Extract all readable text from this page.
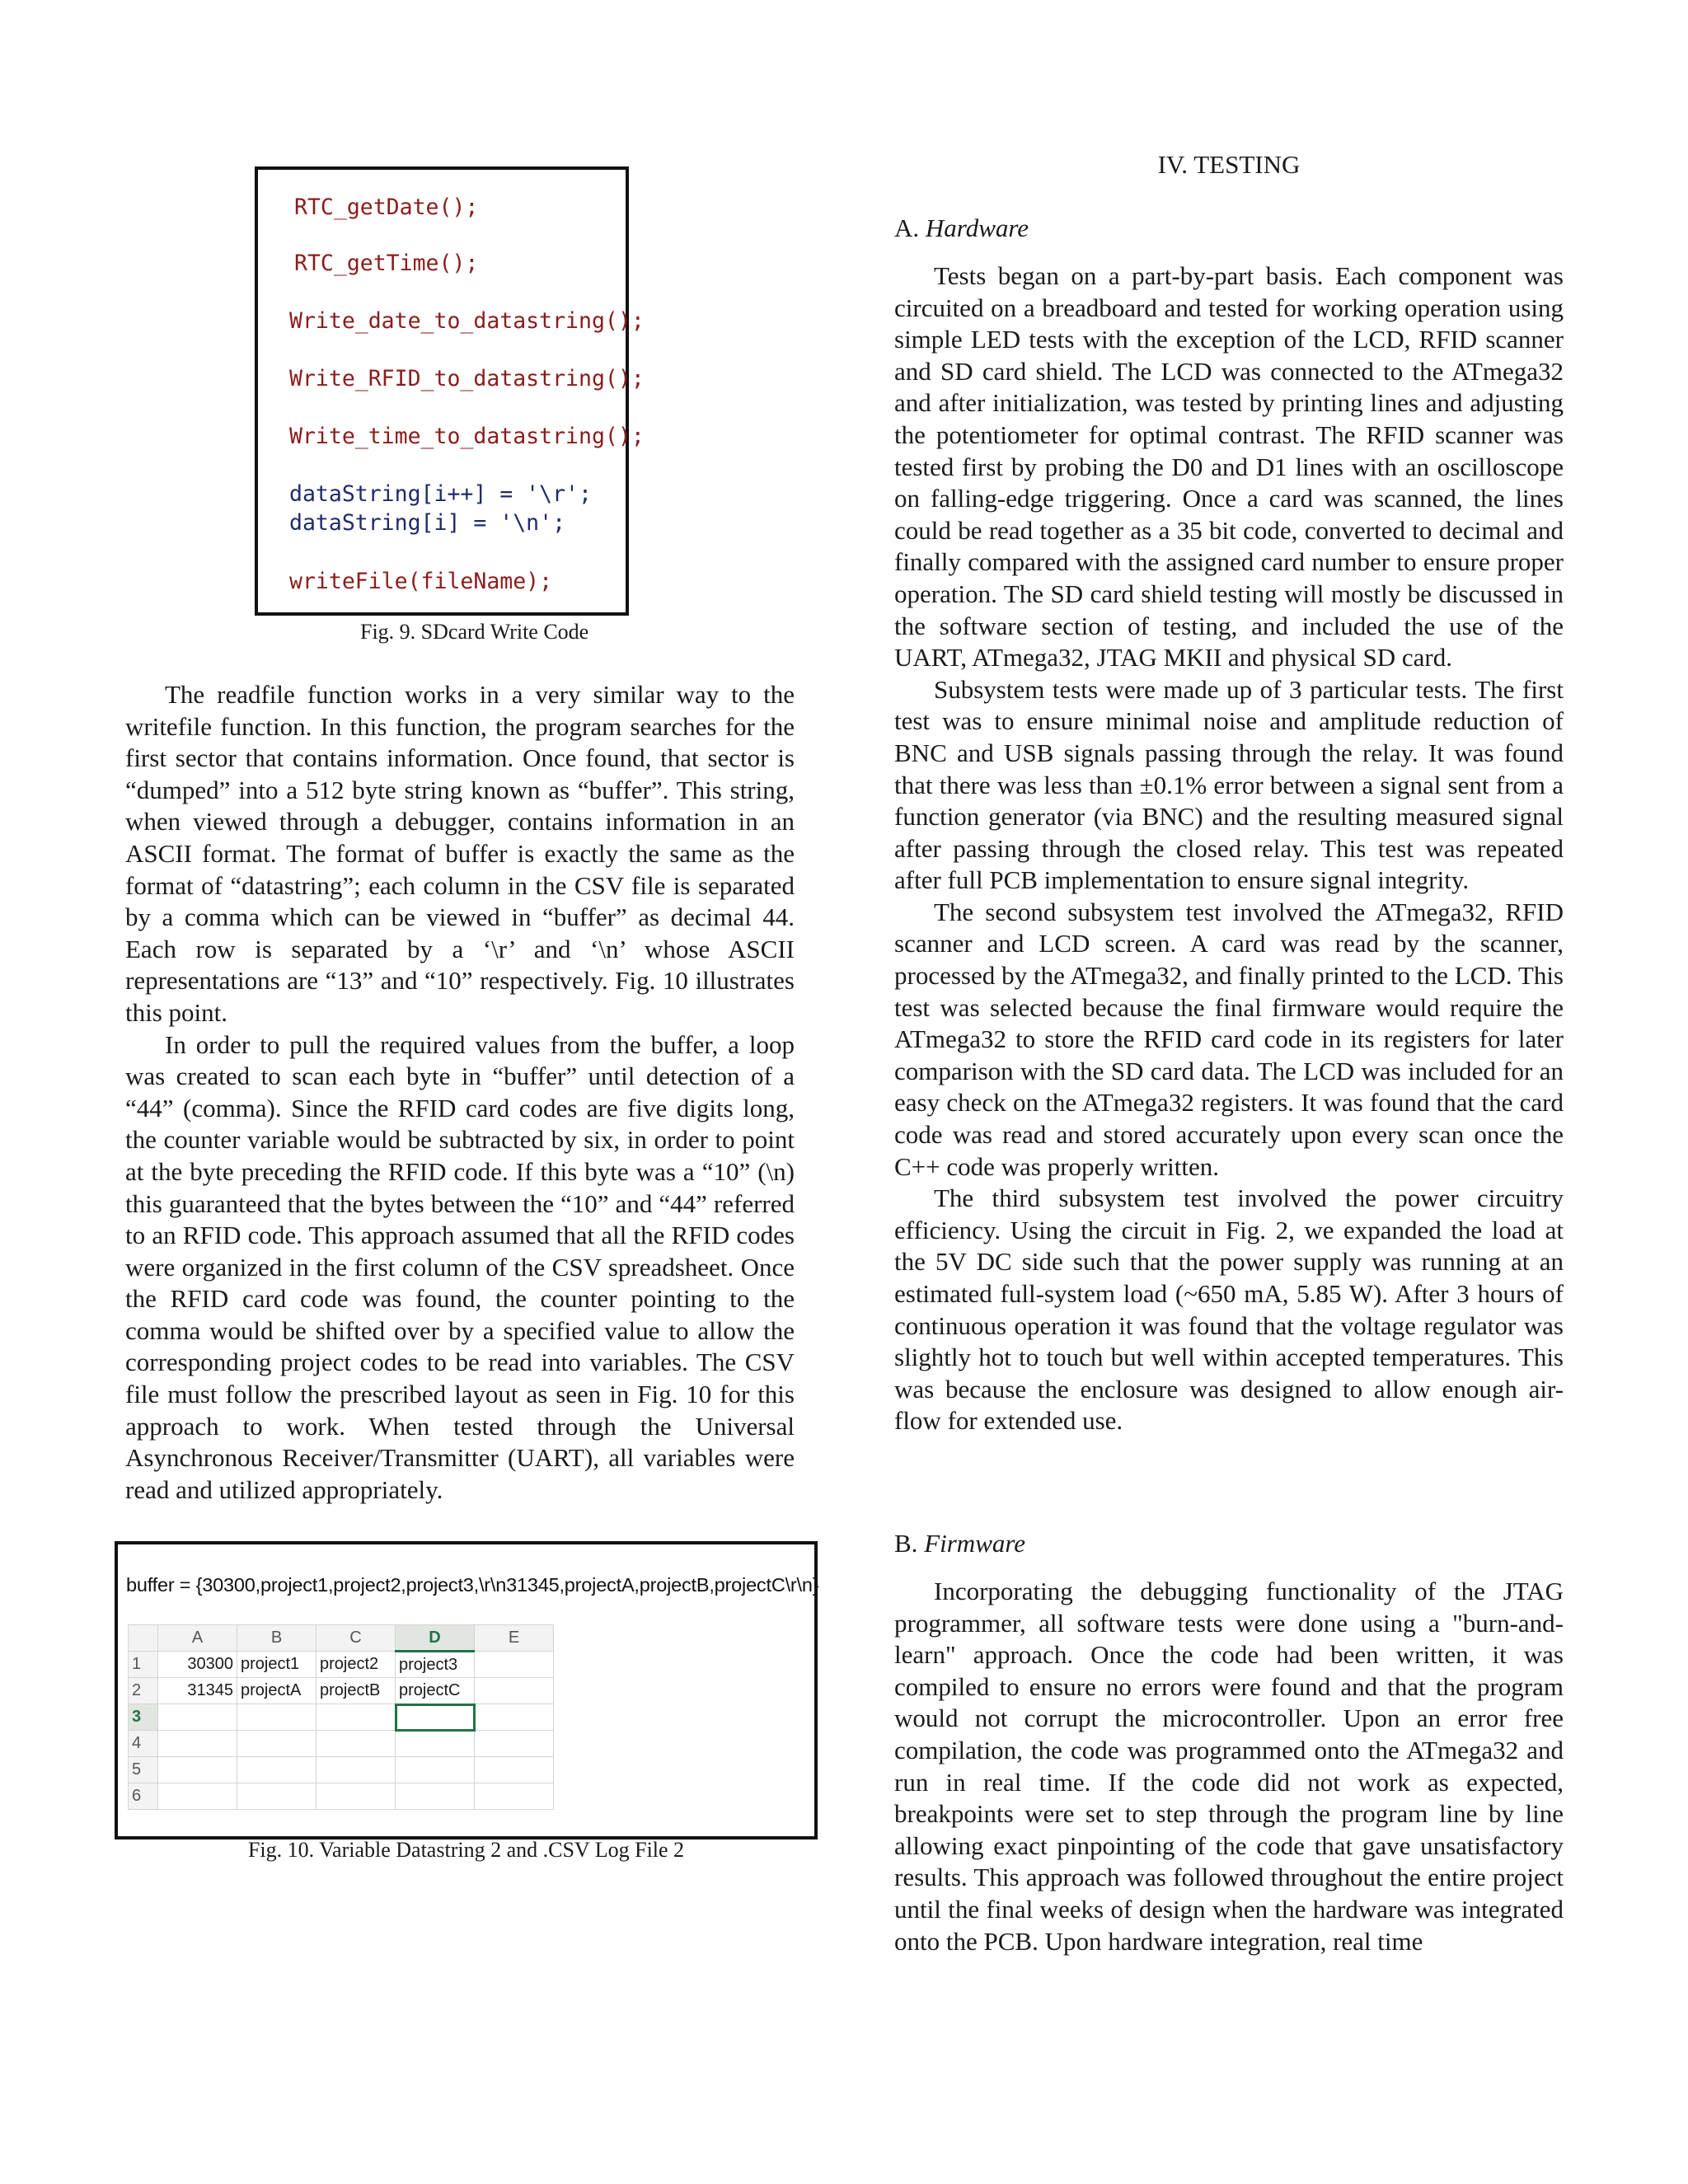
RTC_getDate();
RTC_getTime();
Write_date_to_datastring();
Write_RFID_to_datastring();
Write_time_to_datastring();
dataString[i++] = '\r';
dataString[i] = '\n';
writeFile(fileName);
Fig. 9. SDcard Write Code

The readfile function works in a very similar way to the writefile function. In this function, the program searches for the first sector that contains information. Once found, that sector is “dumped” into a 512 byte string known as “buffer”. This string, when viewed through a debugger, contains information in an ASCII format. The format of buffer is exactly the same as the format of “datastring”; each column in the CSV file is separated by a comma which can be viewed in “buffer” as decimal 44. Each row is separated by a ‘\r’ and ‘\n’ whose ASCII representations are “13” and “10” respectively. Fig. 10 illustrates this point.

In order to pull the required values from the buffer, a loop was created to scan each byte in “buffer” until detection of a “44” (comma). Since the RFID card codes are five digits long, the counter variable would be subtracted by six, in order to point at the byte preceding the RFID code. If this byte was a “10” (\n) this guaranteed that the bytes between the “10” and “44” referred to an RFID code. This approach assumed that all the RFID codes were organized in the first column of the CSV spreadsheet. Once the RFID card code was found, the counter pointing to the comma would be shifted over by a specified value to allow the corresponding project codes to be read into variables. The CSV file must follow the prescribed layout as seen in Fig. 10 for this approach to work. When tested through the Universal Asynchronous Receiver/Transmitter (UART), all variables were read and utilized appropriately.

buffer = {30300,project1,project2,project3,\r\n31345,projectA,projectB,projectC\r\n}
	A	B	C	D	E
1	30300	project1	project2	project3	
2	31345	projectA	projectB	projectC	
3					
4					
5					
6					
Fig. 10. Variable Datastring 2 and .CSV Log File 2
IV. TESTING
A. Hardware

Tests began on a part-by-part basis. Each component was circuited on a breadboard and tested for working operation using simple LED tests with the exception of the LCD, RFID scanner and SD card shield. The LCD was connected to the ATmega32 and after initialization, was tested by printing lines and adjusting the potentiometer for optimal contrast. The RFID scanner was tested first by probing the D0 and D1 lines with an oscilloscope on falling-edge triggering. Once a card was scanned, the lines could be read together as a 35 bit code, converted to decimal and finally compared with the assigned card number to ensure proper operation. The SD card shield testing will mostly be discussed in the software section of testing, and included the use of the UART, ATmega32, JTAG MKII and physical SD card.

Subsystem tests were made up of 3 particular tests. The first test was to ensure minimal noise and amplitude reduction of BNC and USB signals passing through the relay. It was found that there was less than ±0.1% error between a signal sent from a function generator (via BNC) and the resulting measured signal after passing through the closed relay. This test was repeated after full PCB implementation to ensure signal integrity.

The second subsystem test involved the ATmega32, RFID scanner and LCD screen. A card was read by the scanner, processed by the ATmega32, and finally printed to the LCD. This test was selected because the final firmware would require the ATmega32 to store the RFID card code in its registers for later comparison with the SD card data. The LCD was included for an easy check on the ATmega32 registers. It was found that the card code was read and stored accurately upon every scan once the C++ code was properly written.

The third subsystem test involved the power circuitry efficiency. Using the circuit in Fig. 2, we expanded the load at the 5V DC side such that the power supply was running at an estimated full-system load (~650 mA, 5.85 W). After 3 hours of continuous operation it was found that the voltage regulator was slightly hot to touch but well within accepted temperatures. This was because the enclosure was designed to allow enough air-flow for extended use.

B. Firmware

Incorporating the debugging functionality of the JTAG programmer, all software tests were done using a "burn-and-learn" approach. Once the code had been written, it was compiled to ensure no errors were found and that the program would not corrupt the microcontroller. Upon an error free compilation, the code was programmed onto the ATmega32 and run in real time. If the code did not work as expected, breakpoints were set to step through the program line by line allowing exact pinpointing of the code that gave unsatisfactory results. This approach was followed throughout the entire project until the final weeks of design when the hardware was integrated onto the PCB. Upon hardware integration, real time
